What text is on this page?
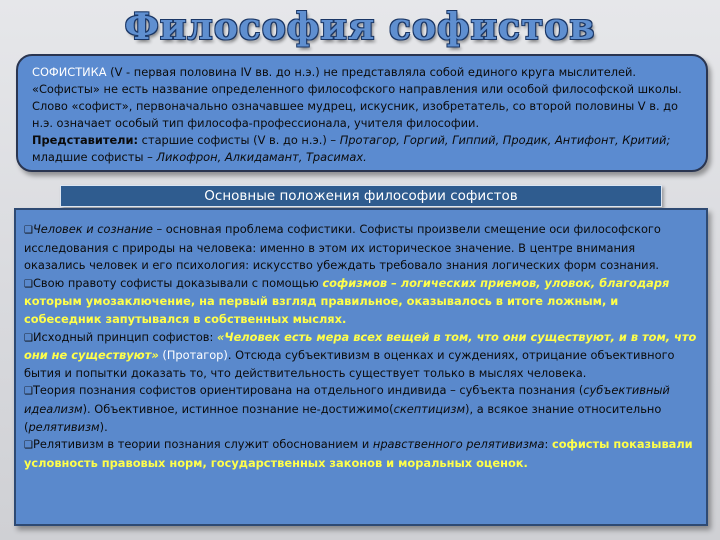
Философия софистов

СОФИСТИКА (V - первая половина IV вв. до н.э.) не представляла собой единого круга мыслителей. «Софисты» не есть название определенного философского направления или особой философской школы. Слово «софист», первоначально означавшее мудрец, искусник, изобретатель, со второй половины V в. до н.э. означает особый тип философа-профессионала, учителя философии.

Представители: старшие софисты (V в. до н.э.) – Протагор, Горгий, Гиппий, Продик, Антифонт, Критий; младшие софисты – Ликофрон, Алкидамант, Трасимах.

Основные положения философии софистов

❑Человек и сознание – основная проблема софистики. Софисты произвели смещение оси философского исследования с природы на человека: именно в этом их историческое значение. В центре внимания оказались человек и его психология: искусство убеждать требовало знания логических форм сознания.

❑Свою правоту софисты доказывали с помощью софизмов – логических приемов, уловок, благодаря которым умозаключение, на первый взгляд правильное, оказывалось в итоге ложным, и собеседник запутывался в собственных мыслях.

❑Исходный принцип софистов: «Человек есть мера всех вещей в том, что они существуют, и в том, что они не существуют» (Протагор). Отсюда субъективизм в оценках и суждениях, отрицание объективного бытия и попытки доказать то, что действительность существует только в мыслях человека.

❑Теория познания софистов ориентирована на отдельного индивида – субъекта познания (субъективный идеализм). Объективное, истинное познание не-достижимо(скептицизм), а всякое знание относительно (релятивизм).

❑Релятивизм в теории познания служит обоснованием и нравственного релятивизма: софисты показывали условность правовых норм, государственных законов и моральных оценок.
